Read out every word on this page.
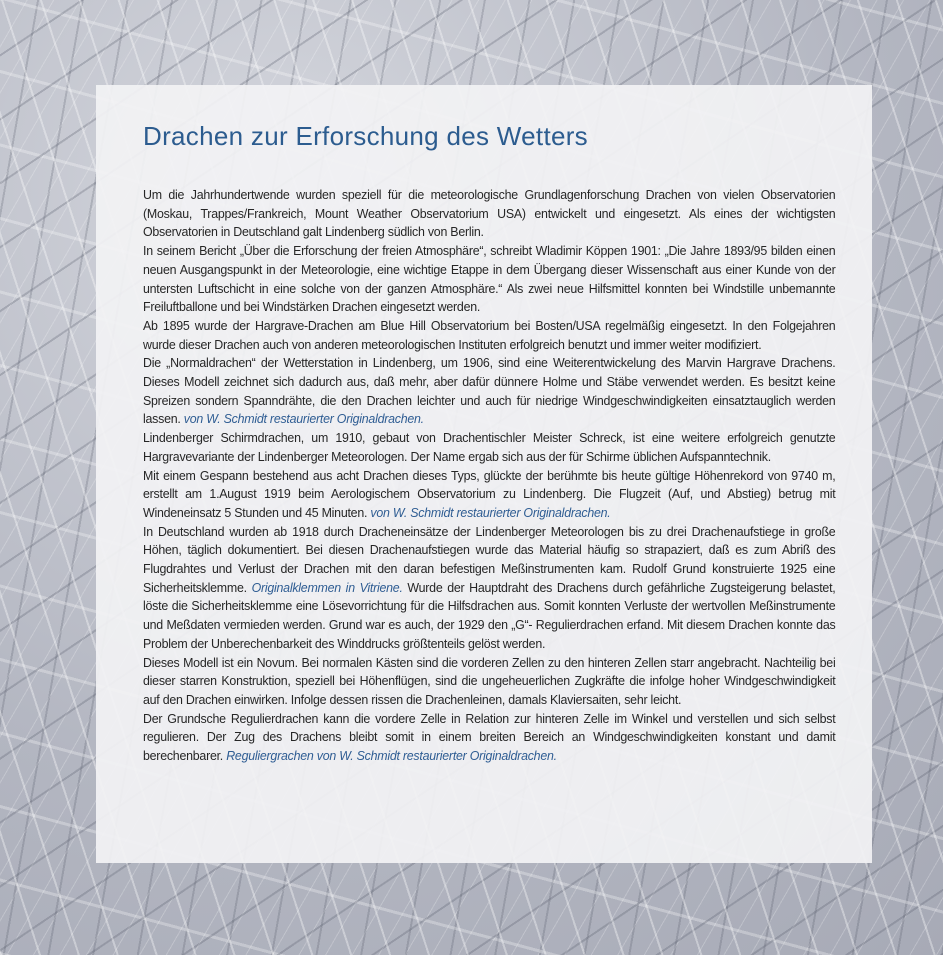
Drachen zur Erforschung des Wetters

Um die Jahrhundertwende wurden speziell für die meteorologische Grundlagenforschung Drachen von vielen Observatorien (Moskau, Trappes/Frankreich, Mount Weather Observatorium USA) entwickelt und eingesetzt. Als eines der wichtigsten Observatorien in Deutschland galt Lindenberg südlich von Berlin.

In seinem Bericht „Über die Erforschung der freien Atmosphäre“, schreibt Wladimir Köppen 1901: „Die Jahre 1893/95 bilden einen neuen Ausgangspunkt in der Meteorologie, eine wichtige Etappe in dem Übergang dieser Wissenschaft aus einer Kunde von der untersten Luftschicht in eine solche von der ganzen Atmosphäre.“ Als zwei neue Hilfsmittel konnten bei Windstille unbemannte Freiluftballone und bei Windstärken Drachen eingesetzt werden.

Ab 1895 wurde der Hargrave-Drachen am Blue Hill Observatorium bei Bosten/USA regelmäßig eingesetzt. In den Folgejahren wurde dieser Drachen auch von anderen meteorologischen Instituten erfolgreich benutzt und immer weiter modifiziert.

Die „Normaldrachen“ der Wetterstation in Lindenberg, um 1906, sind eine Weiterentwickelung des Marvin Hargrave Drachens. Dieses Modell zeichnet sich dadurch aus, daß mehr, aber dafür dünnere Holme und Stäbe verwendet werden. Es besitzt keine Spreizen sondern Spanndrähte, die den Drachen leichter und auch für niedrige Windgeschwindigkeiten einsatztauglich werden lassen. von W. Schmidt restaurierter Originaldrachen.

Lindenberger Schirmdrachen, um 1910, gebaut von Drachentischler Meister Schreck, ist eine weitere erfolgreich genutzte Hargravevariante der Lindenberger Meteorologen. Der Name ergab sich aus der für Schirme üblichen Aufspanntechnik.

Mit einem Gespann bestehend aus acht Drachen dieses Typs, glückte der berühmte bis heute gültige Höhenrekord von 9740 m, erstellt am 1.August 1919 beim Aerologischem Observatorium zu Lindenberg. Die Flugzeit (Auf, und Abstieg) betrug mit Windeneinsatz 5 Stunden und 45 Minuten. von W. Schmidt restaurierter Originaldrachen.

In Deutschland wurden ab 1918 durch Dracheneinsätze der Lindenberger Meteorologen bis zu drei Drachenaufstiege in große Höhen, täglich dokumentiert. Bei diesen Drachenaufstiegen wurde das Material häufig so strapaziert, daß es zum Abriß des Flugdrahtes und Verlust der Drachen mit den daran befestigen Meßinstrumenten kam. Rudolf Grund konstruierte 1925 eine Sicherheitsklemme. Originalklemmen in Vitriene. Wurde der Hauptdraht des Drachens durch gefährliche Zugsteigerung belastet, löste die Sicherheitsklemme eine Lösevorrichtung für die Hilfsdrachen aus. Somit konnten Verluste der wertvollen Meßinstrumente und Meßdaten vermieden werden. Grund war es auch, der 1929 den „G“- Regulierdrachen erfand. Mit diesem Drachen konnte das Problem der Unberechenbarkeit des Winddrucks größtenteils gelöst werden.

Dieses Modell ist ein Novum. Bei normalen Kästen sind die vorderen Zellen zu den hinteren Zellen starr angebracht. Nachteilig bei dieser starren Konstruktion, speziell bei Höhenflügen, sind die ungeheuerlichen Zugkräfte die infolge hoher Windgeschwindigkeit auf den Drachen einwirken. Infolge dessen rissen die Drachenleinen, damals Klaviersaiten, sehr leicht.

Der Grundsche Regulierdrachen kann die vordere Zelle in Relation zur hinteren Zelle im Winkel und verstellen und sich selbst regulieren. Der Zug des Drachens bleibt somit in einem breiten Bereich an Windgeschwindigkeiten konstant und damit berechenbarer. Reguliergrachen von W. Schmidt restaurierter Originaldrachen.
